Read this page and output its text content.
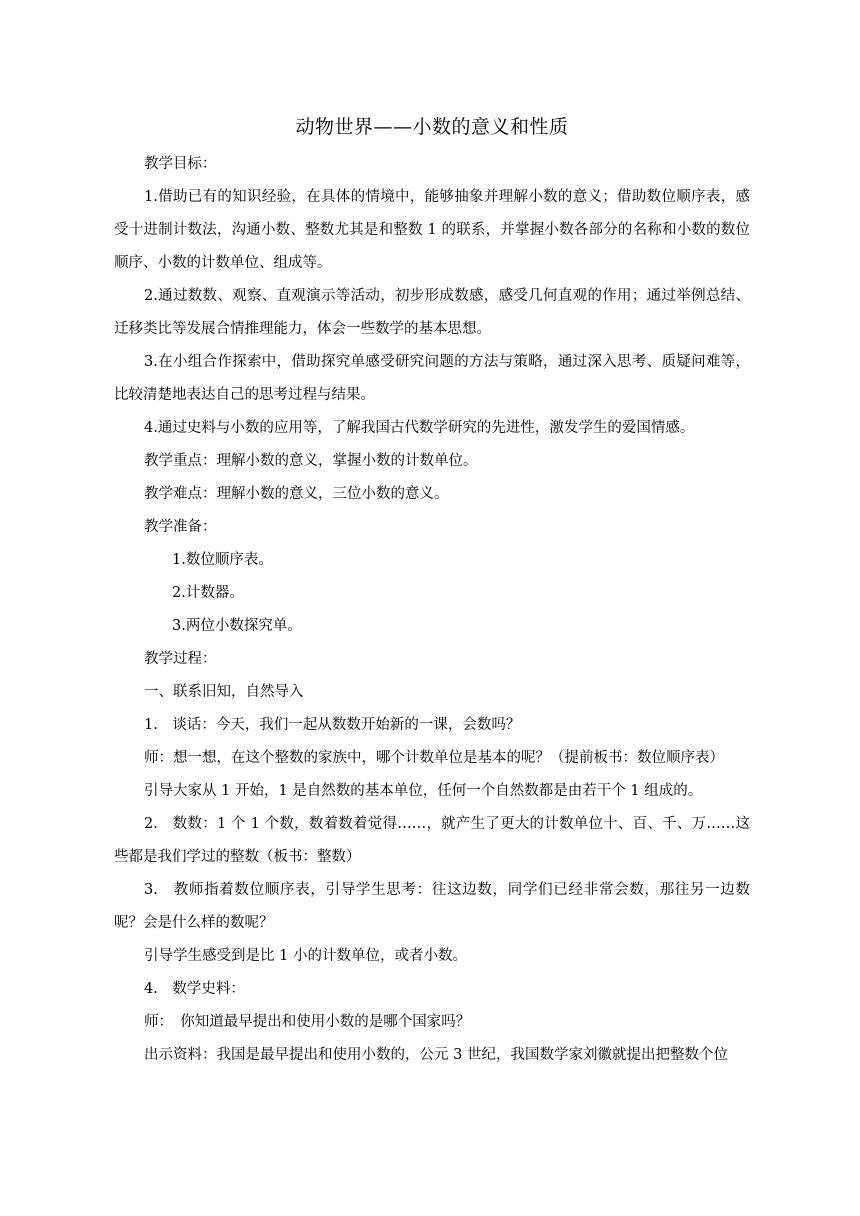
动物世界——小数的意义和性质

教学目标：

1.借助已有的知识经验，在具体的情境中，能够抽象并理解小数的意义；借助数位顺序表，感受十进制计数法，沟通小数、整数尤其是和整数 1 的联系，并掌握小数各部分的名称和小数的数位顺序、小数的计数单位、组成等。

2.通过数数、观察、直观演示等活动，初步形成数感，感受几何直观的作用；通过举例总结、迁移类比等发展合情推理能力，体会一些数学的基本思想。

3.在小组合作探索中，借助探究单感受研究问题的方法与策略，通过深入思考、质疑问难等，比较清楚地表达自己的思考过程与结果。

4.通过史料与小数的应用等，了解我国古代数学研究的先进性，激发学生的爱国情感。

教学重点：理解小数的意义，掌握小数的计数单位。

教学难点：理解小数的意义，三位小数的意义。

教学准备：

1.数位顺序表。

2.计数器。

3.两位小数探究单。

教学过程：

一、联系旧知，自然导入

1.　谈话：今天，我们一起从数数开始新的一课，会数吗？

师：想一想，在这个整数的家族中，哪个计数单位是基本的呢？（提前板书：数位顺序表）

引导大家从 1 开始，1 是自然数的基本单位，任何一个自然数都是由若干个 1 组成的。

2.　数数：1 个 1 个数，数着数着觉得……，就产生了更大的计数单位十、百、千、万……这些都是我们学过的整数（板书：整数）

3.　教师指着数位顺序表，引导学生思考：往这边数，同学们已经非常会数，那往另一边数呢？会是什么样的数呢？

引导学生感受到是比 1 小的计数单位，或者小数。

4.　数学史料：

师：　你知道最早提出和使用小数的是哪个国家吗？

出示资料：我国是最早提出和使用小数的，公元 3 世纪，我国数学家刘徽就提出把整数个位
